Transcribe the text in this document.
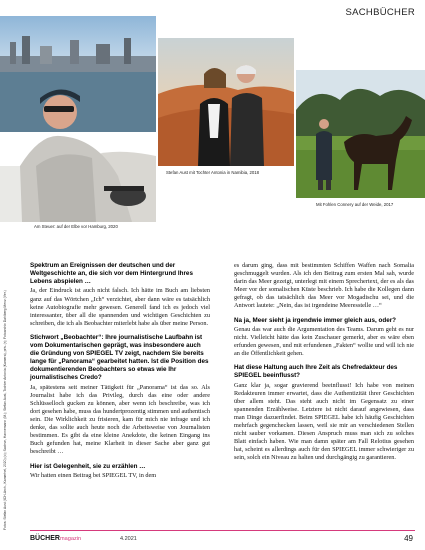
SACHBÜCHER
Am Steuer: auf der Elbe vor Hamburg, 2020
Stefan Aust mit Tochter Antonia in Namibia, 2018
Mit Fohlen Connery auf der Weide, 2017
Fotos: Stefan Aust (ICH-Arch., Kamerhel, 2020) (o); Sachse, Hannemann (M.); Stefan Aust, Tochter Antonia (Kamera), priv. (r); Fotoarchiv Dahlberg Menz (Ver.)

Spektrum an Ereignissen der deutschen und der Weltgeschichte an, die sich vor dem Hintergrund Ihres Lebens abspielen …

Ja, der Eindruck ist auch nicht falsch. Ich hätte im Buch am liebsten ganz auf das Wörtchen „Ich“ verzichtet, aber dann wäre es tatsächlich keine Autobiografie mehr gewesen. Generell fand ich es jedoch viel interessanter, über all die spannenden und wichtigen Geschichten zu schreiben, die ich als Beobachter miterlebt habe als über meine Person.

Stichwort „Beobachter“: Ihre journalistische Laufbahn ist vom Dokumentarischen geprägt, was insbesondere auch die Gründung von SPIEGEL TV zeigt, nachdem Sie bereits lange für „Panorama“ gearbeitet hatten. Ist die Position des dokumentierenden Beobachters so etwas wie Ihr journalistisches Credo?

Ja, spätestens seit meiner Tätigkeit für „Panorama“ ist das so. Als Journalist habe ich das Privileg, durch das eine oder andere Schlüsselloch gucken zu können, aber wenn ich beschreibe, was ich dort gesehen habe, muss das hundertprozentig stimmen und authentisch sein. Die Wirklichkeit zu frisieren, kam für mich nie infrage und ich denke, das sollte auch heute noch die Arbeitsweise von Journalisten bestimmen. Es gibt da eine kleine Anekdote, die keinen Eingang ins Buch gefunden hat, meine Klarheit in dieser Sache aber ganz gut beschreibt …

Hier ist Gelegenheit, sie zu erzählen …

Wir hatten einen Beitrag bei SPIEGEL TV, in dem

es darum ging, dass mit bestimmten Schiffen Waffen nach Somalia geschmuggelt wurden. Als ich den Beitrag zum ersten Mal sah, wurde darin das Meer gezeigt, unterlegt mit einem Sprechertext, der es als das Meer vor der somalischen Küste beschrieb. Ich habe die Kollegen dann gefragt, ob das tatsächlich das Meer vor Mogadischu sei, und die Antwort lautete: „Nein, das ist irgendeine Meeresstelle …“

Na ja, Meer sieht ja irgendwie immer gleich aus, oder?

Genau das war auch die Argumentation des Teams. Darum geht es nur nicht. Vielleicht hätte das kein Zuschauer gemerkt, aber es wäre eben erfunden gewesen, und mit erfundenen „Fakten“ wollte und will ich nie an die Öffentlichkeit gehen.

Hat diese Haltung auch Ihre Zeit als Chefredakteur des SPIEGEL beeinflusst?

Ganz klar ja, sogar gravierend beeinflusst! Ich habe von meinen Redakteuren immer erwartet, dass die Authentizität ihrer Geschichten über allem steht. Das steht auch nicht im Gegensatz zu einer spannenden Erzählweise. Letztere ist nicht darauf angewiesen, dass man Dinge dazuerfindet. Beim SPIEGEL habe ich häufig Geschichten mehrfach gegenchecken lassen, weil sie mir an verschiedenen Stellen nicht sauber vorkamen. Diesen Anspruch muss man sich zu solches Blatt einfach haben. Wie man damn später am Fall Relotius gesehen hat, scheint es allerdings auch für den SPIEGEL immer schwieriger zu sein, solch ein Niveau zu halten und durchgängig zu garantieren.

BÜCHERmagazin	4.2021	49
